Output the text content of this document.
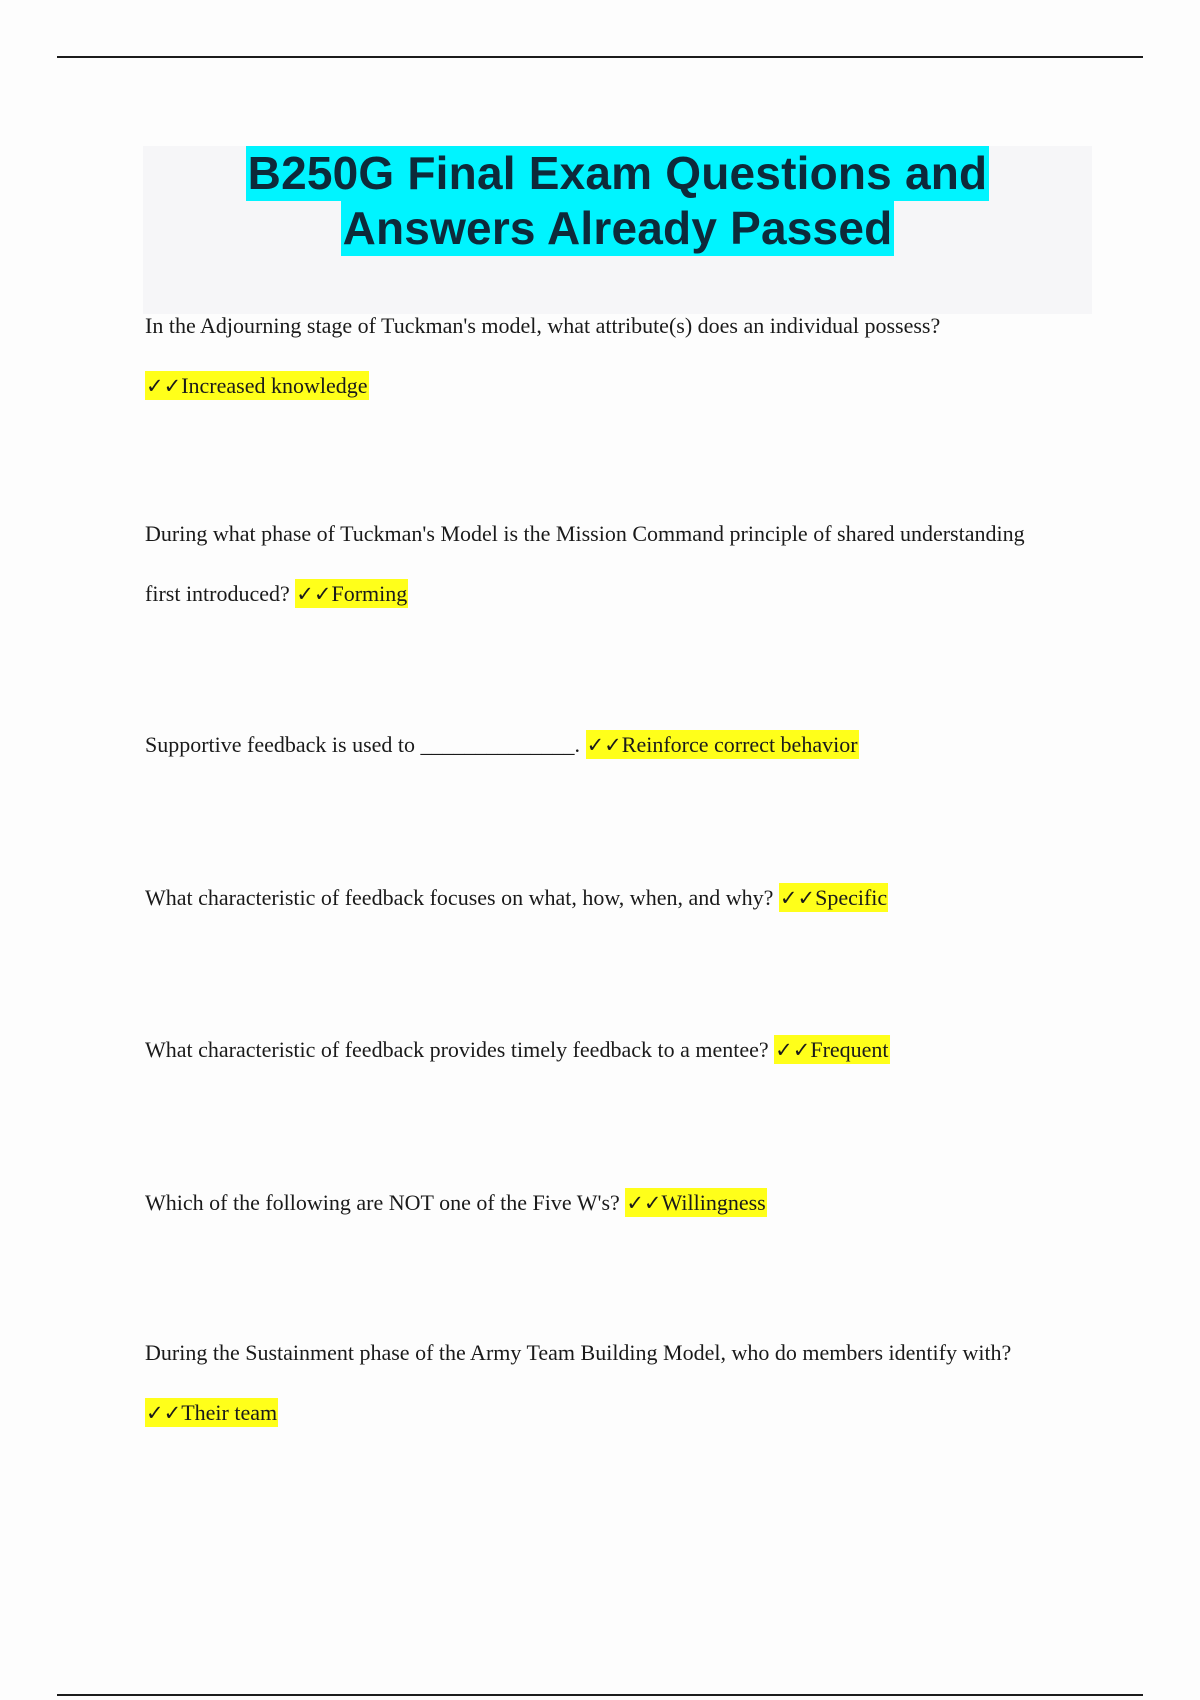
B250G Final Exam Questions and
Answers Already Passed
In the Adjourning stage of Tuckman's model, what attribute(s) does an individual possess?
✓✓Increased knowledge
During what phase of Tuckman's Model is the Mission Command principle of shared understanding first introduced? ✓✓Forming
Supportive feedback is used to ______________. ✓✓Reinforce correct behavior
What characteristic of feedback focuses on what, how, when, and why? ✓✓Specific
What characteristic of feedback provides timely feedback to a mentee? ✓✓Frequent
Which of the following are NOT one of the Five W's? ✓✓Willingness
During the Sustainment phase of the Army Team Building Model, who do members identify with? ✓✓Their team
